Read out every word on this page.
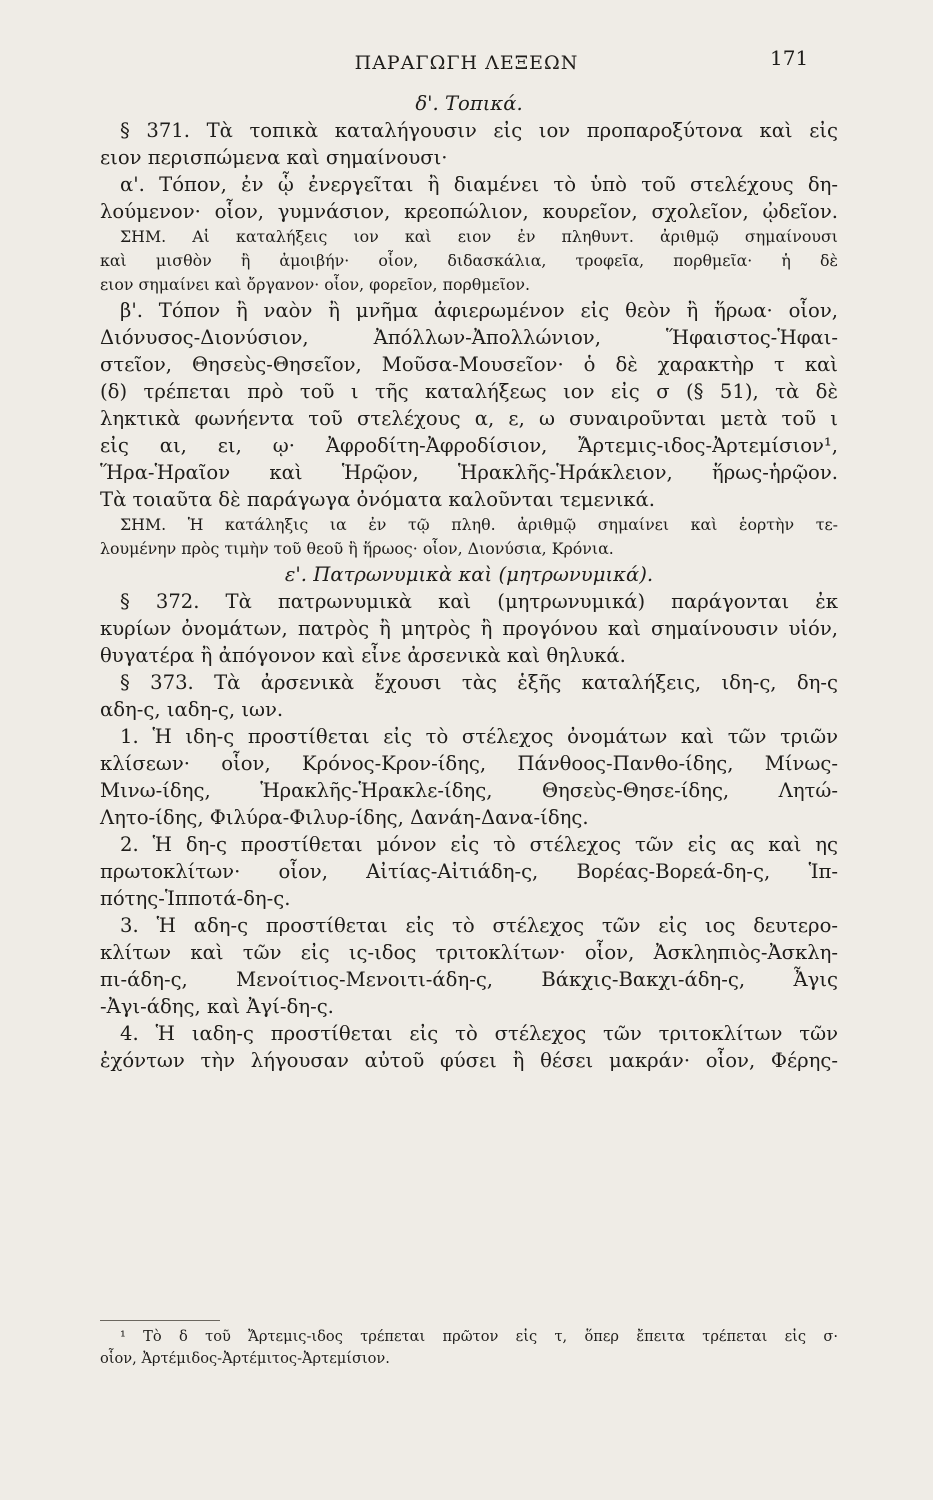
ΠΑΡΑΓΩΓΗ ΛΕΞΕΩΝ	171
δ'. Τοπικά.
§ 371. Τὰ τοπικὰ καταλήγουσιν εἰς ιον προπαροξύτονα καὶ εἰς
ειον περισπώμενα καὶ σημαίνουσι·
α'. Τόπον, ἐν ᾧ ἐνεργεῖται ἢ διαμένει τὸ ὑπὸ τοῦ στελέχους δη-
λούμενον· οἷον, γυμνάσιον, κρεοπώλιον, κουρεῖον, σχολεῖον, ᾠδεῖον.
ΣΗΜ. Αἱ καταλήξεις ιον καὶ ειον ἐν πληθυντ. ἀριθμῷ σημαίνουσι
καὶ μισθὸν ἢ ἀμοιβήν· οἷον, διδασκάλια, τροφεῖα, πορθμεῖα· ἡ δὲ
ειον σημαίνει καὶ ὄργανον· οἷον, φορεῖον, πορθμεῖον.
β'. Τόπον ἢ ναὸν ἢ μνῆμα ἀφιερωμένον εἰς θεὸν ἢ ἥρωα· οἷον,
Διόνυσος-Διονύσιον, Ἀπόλλων-Ἀπολλώνιον, Ἥφαιστος-Ἡφαι-
στεῖον, Θησεὺς-Θησεῖον, Μοῦσα-Μουσεῖον· ὁ δὲ χαρακτὴρ τ καὶ
(δ) τρέπεται πρὸ τοῦ ι τῆς καταλήξεως ιον εἰς σ (§ 51), τὰ δὲ
ληκτικὰ φωνήεντα τοῦ στελέχους α, ε, ω συναιροῦνται μετὰ τοῦ ι
εἰς αι, ει, ῳ· Ἀφροδίτη-Ἀφροδίσιον, Ἄρτεμις-ιδος-Ἀρτεμίσιον¹,
Ἥρα-Ἡραῖον καὶ Ἡρῷον, Ἡρακλῆς-Ἡράκλειον, ἥρως-ἡρῷον.
Τὰ τοιαῦτα δὲ παράγωγα ὀνόματα καλοῦνται τεμενικά.
ΣΗΜ. Ἡ κατάληξις ια ἐν τῷ πληθ. ἀριθμῷ σημαίνει καὶ ἑορτὴν τε-
λουμένην πρὸς τιμὴν τοῦ θεοῦ ἢ ἥρωος· οἷον, Διονύσια, Κρόνια.
ε'. Πατρωνυμικὰ καὶ (μητρωνυμικά).
§ 372. Τὰ πατρωνυμικὰ καὶ (μητρωνυμικά) παράγονται ἐκ
κυρίων ὀνομάτων, πατρὸς ἢ μητρὸς ἢ προγόνου καὶ σημαίνουσιν υἱόν,
θυγατέρα ἢ ἀπόγονον καὶ εἶνε ἀρσενικὰ καὶ θηλυκά.
§ 373. Τὰ ἀρσενικὰ ἔχουσι τὰς ἑξῆς καταλήξεις, ιδη-ς, δη-ς
αδη-ς, ιαδη-ς, ιων.
1. Ἡ ιδη-ς προστίθεται εἰς τὸ στέλεχος ὀνομάτων καὶ τῶν τριῶν
κλίσεων· οἷον, Κρόνος-Κρον-ίδης, Πάνθοος-Πανθο-ίδης, Μίνως-
Μινω-ίδης, Ἡρακλῆς-Ἡρακλε-ίδης, Θησεὺς-Θησε-ίδης, Λητώ-
Λητο-ίδης, Φιλύρα-Φιλυρ-ίδης, Δανάη-Δανα-ίδης.
2. Ἡ δη-ς προστίθεται μόνον εἰς τὸ στέλεχος τῶν εἰς ας καὶ ης
πρωτοκλίτων· οἷον, Αἰτίας-Αἰτιάδη-ς, Βορέας-Βορεά-δη-ς, Ἱπ-
πότης-Ἱπποτά-δη-ς.
3. Ἡ αδη-ς προστίθεται εἰς τὸ στέλεχος τῶν εἰς ιος δευτερο-
κλίτων καὶ τῶν εἰς ις-ιδος τριτοκλίτων· οἷον, Ἀσκληπιὸς-Ἀσκλη-
πι-άδη-ς, Μενοίτιος-Μενοιτι-άδη-ς, Βάκχις-Βακχι-άδη-ς, Ἆγις
-Ἀγι-άδης, καὶ Ἀγί-δη-ς.
4. Ἡ ιαδη-ς προστίθεται εἰς τὸ στέλεχος τῶν τριτοκλίτων τῶν
ἐχόντων τὴν λήγουσαν αὐτοῦ φύσει ἢ θέσει μακράν· οἷον, Φέρης-
¹ Τὸ δ τοῦ Ἄρτεμις-ιδος τρέπεται πρῶτον εἰς τ, ὅπερ ἔπειτα τρέπεται εἰς σ·
οἷον, Ἀρτέμιδος-Ἀρτέμιτος-Ἀρτεμίσιον.
